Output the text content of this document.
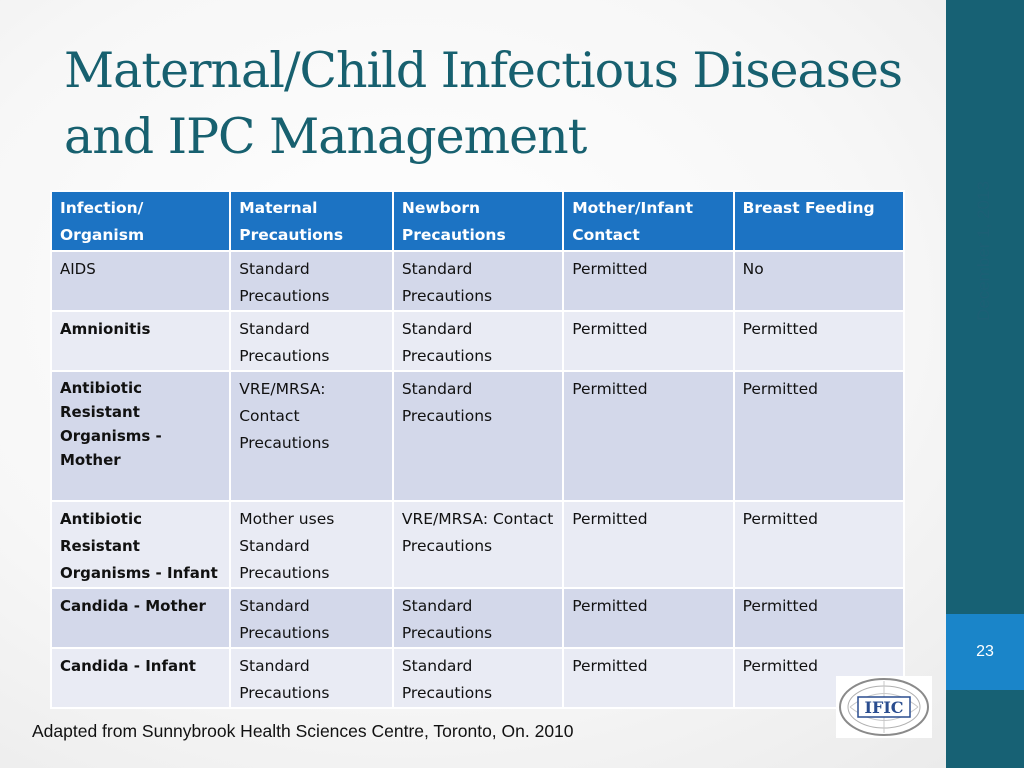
Maternal/Child Infectious Diseases and IPC Management
December 1, 2013
23
Infection/ Organism	Maternal Precautions	Newborn Precautions	Mother/Infant Contact	Breast Feeding
AIDS	Standard Precautions	Standard Precautions	Permitted	No
Amnionitis	Standard Precautions	Standard Precautions	Permitted	Permitted
Antibiotic Resistant Organisms - Mother	VRE/MRSA: Contact Precautions	Standard Precautions	Permitted	Permitted
Antibiotic Resistant Organisms - Infant	Mother uses Standard Precautions	VRE/MRSA: Contact Precautions	Permitted	Permitted
Candida - Mother	Standard Precautions	Standard Precautions	Permitted	Permitted
Candida - Infant	Standard Precautions	Standard Precautions	Permitted	Permitted
Adapted from Sunnybrook Health Sciences Centre, Toronto, On. 2010
IFIC
